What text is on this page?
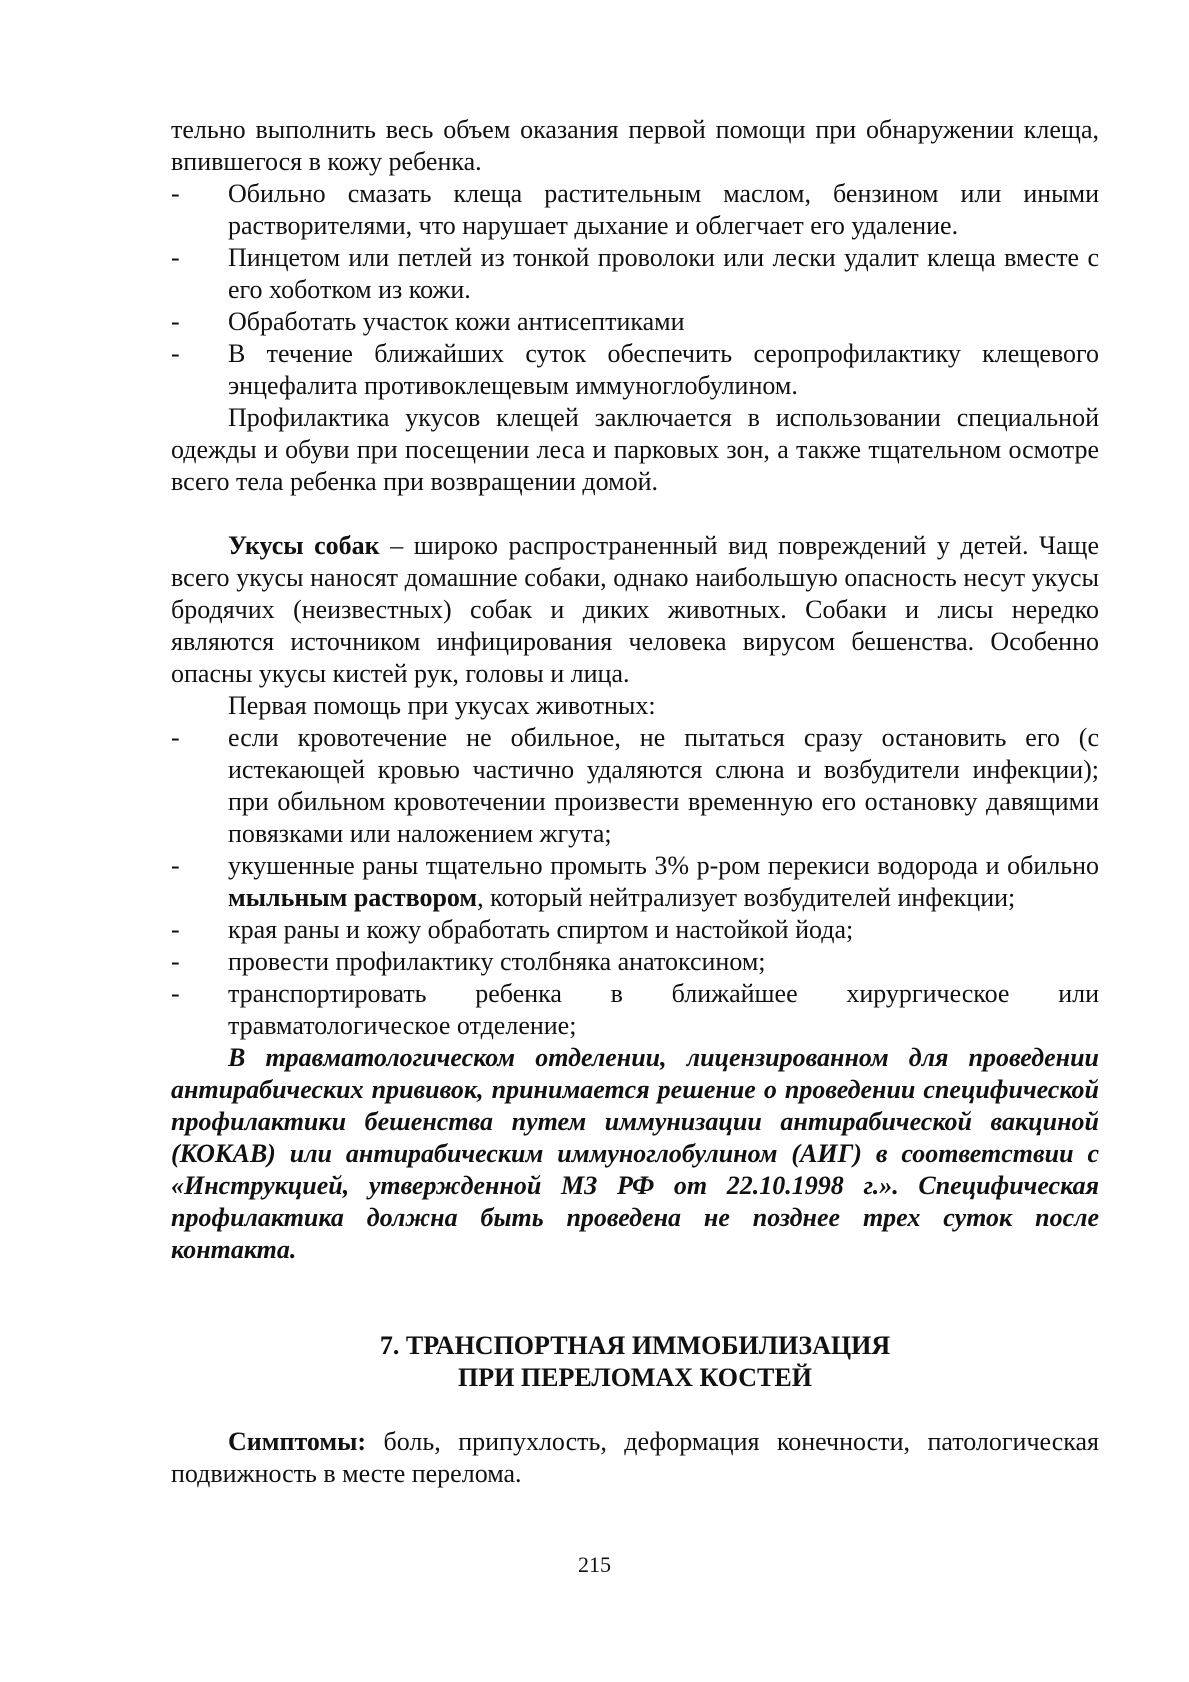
тельно выполнить весь объем оказания первой помощи при обнаружении клеща, впившегося в кожу ребенка.

-	Обильно смазать клеща растительным маслом, бензином или иными растворителями, что нарушает дыхание и облегчает его удаление.
-	Пинцетом или петлей из тонкой проволоки или лески удалит клеща вместе с его хоботком из кожи.
-	Обработать участок кожи антисептиками
-	В течение ближайших суток обеспечить серопрофилактику клещевого энцефалита противоклещевым иммуноглобулином.

Профилактика укусов клещей заключается в использовании специальной одежды и обуви при посещении леса и парковых зон, а также тщательном осмотре всего тела ребенка при возвращении домой.

Укусы собак – широко распространенный вид повреждений у детей. Чаще всего укусы наносят домашние собаки, однако наибольшую опасность несут укусы бродячих (неизвестных) собак и диких животных. Собаки и лисы нередко являются источником инфицирования человека вирусом бешенства. Особенно опасны укусы кистей рук, головы и лица.

Первая помощь при укусах животных:

-	если кровотечение не обильное, не пытаться сразу остановить его (с истекающей кровью частично удаляются слюна и возбудители инфекции); при обильном кровотечении произвести временную его остановку давящими повязками или наложением жгута;
-	укушенные раны тщательно промыть 3% р-ром перекиси водорода и обильно мыльным раствором, который нейтрализует возбудителей инфекции;
-	края раны и кожу обработать спиртом и настойкой йода;
-	провести профилактику столбняка анатоксином;
-	транспортировать ребенка в ближайшее хирургическое или травматологическое отделение;

В травматологическом отделении, лицензированном для проведении антирабических прививок, принимается решение о проведении специфической профилактики бешенства путем иммунизации антирабической вакциной (КОКАВ) или антирабическим иммуноглобулином (АИГ) в соответствии с «Инструкцией, утвержденной МЗ РФ от 22.10.1998 г.». Специфическая профилактика должна быть проведена не позднее трех суток после контакта.

7. ТРАНСПОРТНАЯ ИММОБИЛИЗАЦИЯ
ПРИ ПЕРЕЛОМАХ КОСТЕЙ

Симптомы: боль, припухлость, деформация конечности, патологическая подвижность в месте перелома.

215
